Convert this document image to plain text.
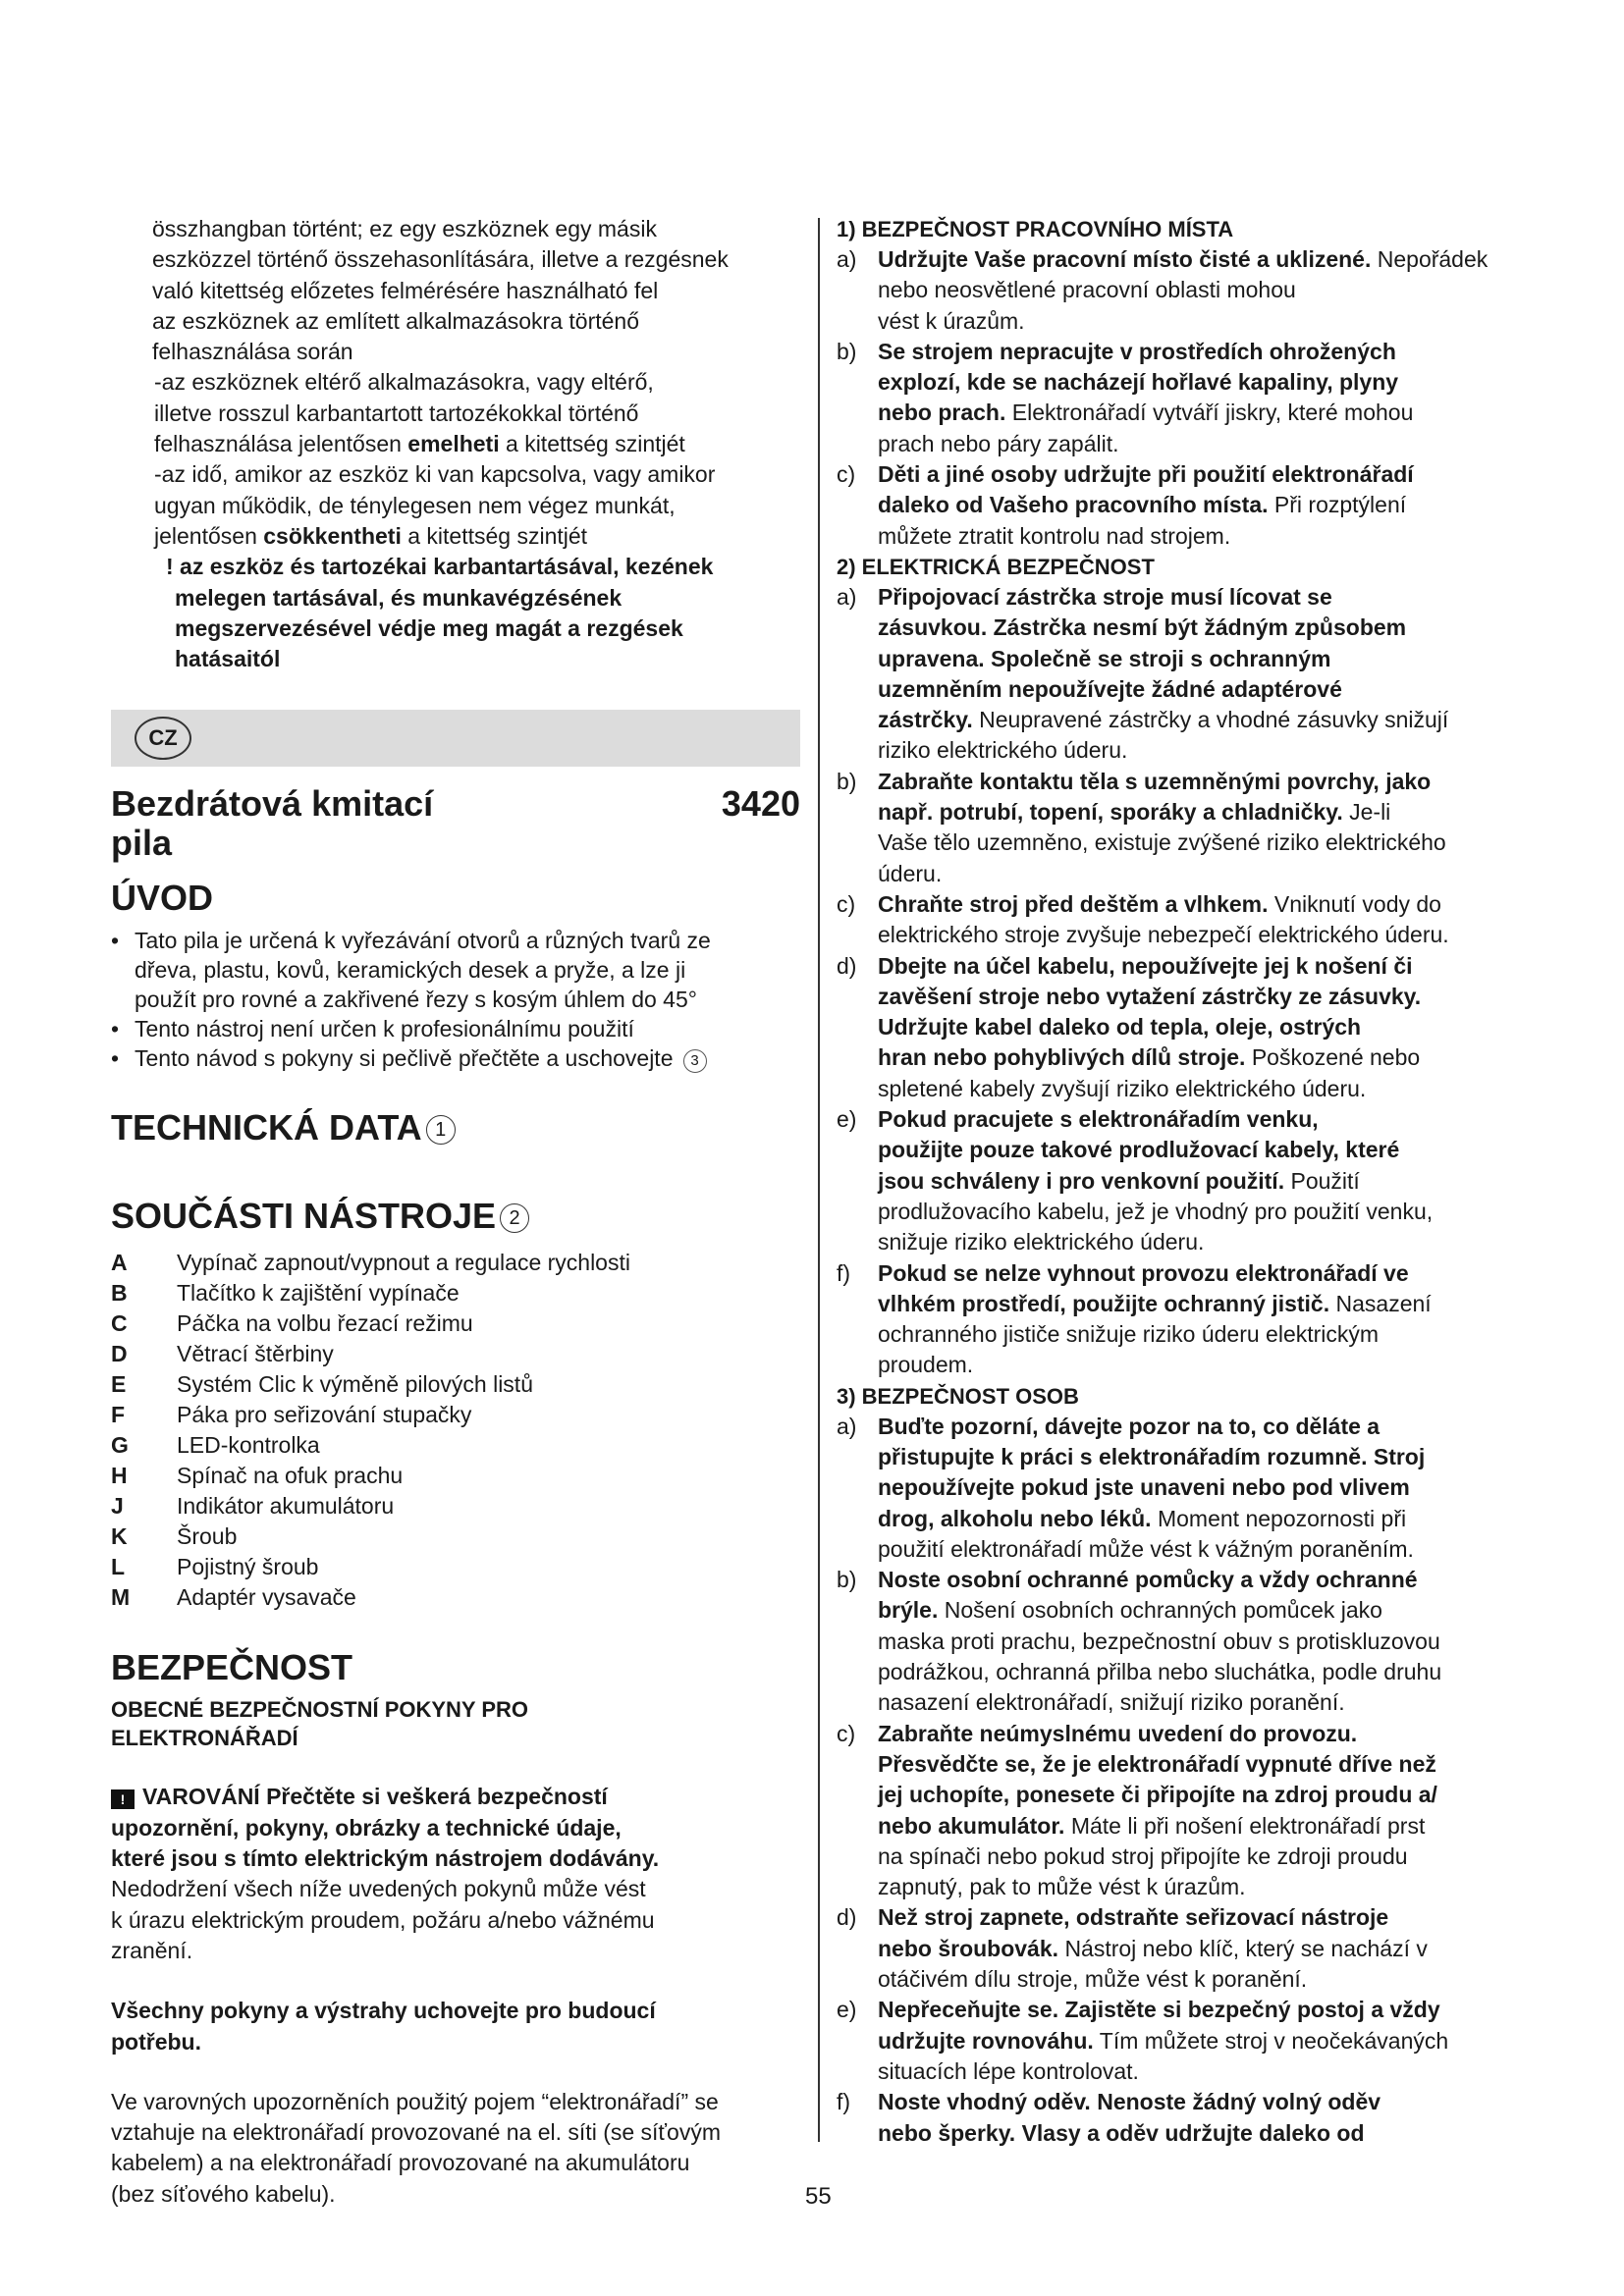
összhangban történt; ez egy eszköznek egy másik

eszközzel történő összehasonlítására, illetve a rezgésnek

való kitettség előzetes felmérésére használható fel

az eszköznek az említett alkalmazásokra történő

felhasználása során

-az eszköznek eltérő alkalmazásokra, vagy eltérő,

illetve rosszul karbantartott tartozékokkal történő

felhasználása jelentősen emelheti a kitettség szintjét

-az idő, amikor az eszköz ki van kapcsolva, vagy amikor

ugyan működik, de ténylegesen nem végez munkát,

jelentősen csökkentheti a kitettség szintjét

! az eszköz és tartozékai karbantartásával, kezének

melegen tartásával, és munkavégzésének

megszervezésével védje meg magát a rezgések

hatásaitól

CZ
Bezdrátová kmitací pila
3420
ÚVOD
• Tato pila je určená k vyřezávání otvorů a různých tvarů ze
dřeva, plastu, kovů, keramických desek a pryže, a lze ji
použít pro rovné a zakřivené řezy s kosým úhlem do 45°
• Tento nástroj není určen k profesionálnímu použití
• Tento návod s pokyny si pečlivě přečtěte a uschovejte 3
TECHNICKÁ DATA 1
SOUČÁSTI NÁSTROJE 2
A	Vypínač zapnout/vypnout a regulace rychlosti
B	Tlačítko k zajištění vypínače
C	Páčka na volbu řezací režimu
D	Větrací štěrbiny
E	Systém Clic k výměně pilových listů
F	Páka pro seřizování stupačky
G	LED-kontrolka
H	Spínač na ofuk prachu
J	Indikátor akumulátoru
K	Šroub
L	Pojistný šroub
M	Adaptér vysavače
BEZPEČNOST

OBECNÉ BEZPEČNOSTNÍ POKYNY PRO

ELEKTRONÁŘADÍ

! VAROVÁNÍ Přečtěte si veškerá bezpečností

upozornění, pokyny, obrázky a technické údaje,

které jsou s tímto elektrickým nástrojem dodávány.

Nedodržení všech níže uvedených pokynů může vést

k úrazu elektrickým proudem, požáru a/nebo vážnému

zranění.

Všechny pokyny a výstrahy uchovejte pro budoucí

potřebu.

Ve varovných upozorněních použitý pojem “elektronářadí” se

vztahuje na elektronářadí provozované na el. síti (se síťovým

kabelem) a na elektronářadí provozované na akumulátoru

(bez síťového kabelu).

1) BEZPEČNOST PRACOVNÍHO MÍSTA

a) Udržujte Vaše pracovní místo čisté a uklizené. Nepořádek nebo neosvětlené pracovní oblasti mohou
vést k úrazům.
b) Se strojem nepracujte v prostředích ohrožených
explozí, kde se nacházejí hořlavé kapaliny, plyny
nebo prach. Elektronářadí vytváří jiskry, které mohou
prach nebo páry zapálit.
c) Děti a jiné osoby udržujte při použití elektronářadí
daleko od Vašeho pracovního místa. Při rozptýlení
můžete ztratit kontrolu nad strojem.

2) ELEKTRICKÁ BEZPEČNOST

a) Připojovací zástrčka stroje musí lícovat se
zásuvkou. Zástrčka nesmí být žádným způsobem
upravena. Společně se stroji s ochranným
uzemněním nepoužívejte žádné adaptérové
zástrčky. Neupravené zástrčky a vhodné zásuvky snižují
riziko elektrického úderu.
b) Zabraňte kontaktu těla s uzemněnými povrchy, jako
např. potrubí, topení, sporáky a chladničky. Je-li
Vaše tělo uzemněno, existuje zvýšené riziko elektrického
úderu.
c) Chraňte stroj před deštěm a vlhkem. Vniknutí vody do
elektrického stroje zvyšuje nebezpečí elektrického úderu.
d) Dbejte na účel kabelu, nepoužívejte jej k nošení či
zavěšení stroje nebo vytažení zástrčky ze zásuvky.
Udržujte kabel daleko od tepla, oleje, ostrých
hran nebo pohyblivých dílů stroje. Poškozené nebo
spletené kabely zvyšují riziko elektrického úderu.
e) Pokud pracujete s elektronářadím venku,
použijte pouze takové prodlužovací kabely, které
jsou schváleny i pro venkovní použití. Použití
prodlužovacího kabelu, jež je vhodný pro použití venku,
snižuje riziko elektrického úderu.
f)	Pokud se nelze vyhnout provozu elektronářadí ve
vlhkém prostředí, použijte ochranný jistič. Nasazení
ochranného jističe snižuje riziko úderu elektrickým
proudem.

3) BEZPEČNOST OSOB

a) Buďte pozorní, dávejte pozor na to, co děláte a
přistupujte k práci s elektronářadím rozumně. Stroj
nepoužívejte pokud jste unaveni nebo pod vlivem
drog, alkoholu nebo léků. Moment nepozornosti při
použití elektronářadí může vést k vážným poraněním.
b) Noste osobní ochranné pomůcky a vždy ochranné
brýle. Nošení osobních ochranných pomůcek jako
maska proti prachu, bezpečnostní obuv s protiskluzovou
podrážkou, ochranná přilba nebo sluchátka, podle druhu
nasazení elektronářadí, snižují riziko poranění.
c) Zabraňte neúmyslnému uvedení do provozu.
Přesvědčte se, že je elektronářadí vypnuté dříve než
jej uchopíte, ponesete či připojíte na zdroj proudu a/
nebo akumulátor. Máte li při nošení elektronářadí prst
na spínači nebo pokud stroj připojíte ke zdroji proudu
zapnutý, pak to může vést k úrazům.
d) Než stroj zapnete, odstraňte seřizovací nástroje
nebo šroubovák. Nástroj nebo klíč, který se nachází v
otáčivém dílu stroje, může vést k poranění.
e) Nepřeceňujte se. Zajistěte si bezpečný postoj a vždy
udržujte rovnováhu. Tím můžete stroj v neočekávaných
situacích lépe kontrolovat.
f)	Noste vhodný oděv. Nenoste žádný volný oděv
nebo šperky. Vlasy a oděv udržujte daleko od
55
